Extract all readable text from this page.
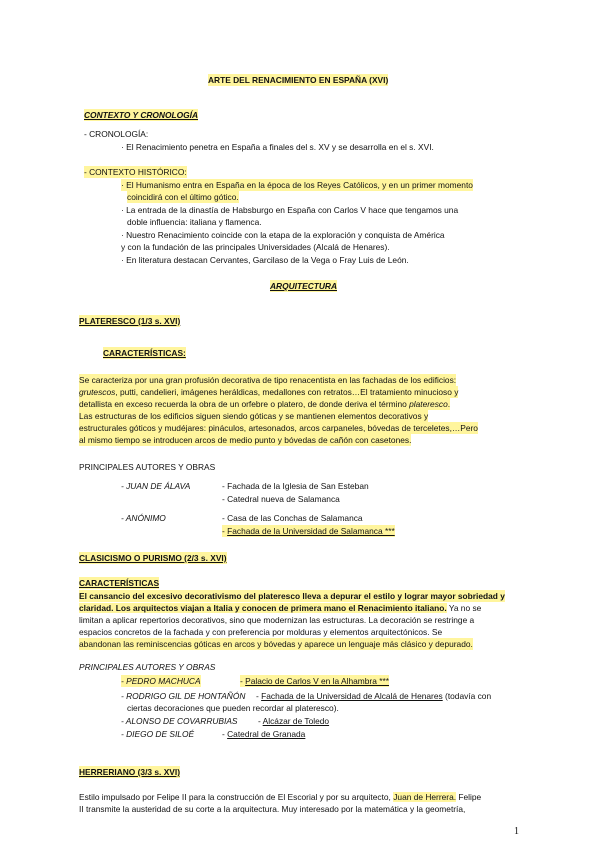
ARTE DEL RENACIMIENTO EN ESPAÑA (XVI)
CONTEXTO Y CRONOLOGÍA
- CRONOLOGÍA:
· El Renacimiento penetra en España a finales del s. XV y se desarrolla en el s. XVI.
- CONTEXTO HISTÓRICO:
· El Humanismo entra en España en la época de los Reyes Católicos, y en un primer momento
coincidirá con el último gótico.
· La entrada de la dinastía de Habsburgo en España con Carlos V hace que tengamos una
doble influencia: italiana y flamenca.
· Nuestro Renacimiento coincide con la etapa de la exploración y conquista de América
y con la fundación de las principales Universidades (Alcalá de Henares).
· En literatura destacan Cervantes, Garcilaso de la Vega o Fray Luis de León.
ARQUITECTURA
PLATERESCO (1/3 s. XVI)
CARACTERÍSTICAS:
Se caracteriza por una gran profusión decorativa de tipo renacentista en las fachadas de los edificios:
grutescos, putti, candelieri, imágenes heráldicas, medallones con retratos…El tratamiento minucioso y
detallista en exceso recuerda la obra de un orfebre o platero, de donde deriva el término plateresco.
Las estructuras de los edificios siguen siendo góticas y se mantienen elementos decorativos y
estructurales góticos y mudéjares: pináculos, artesonados, arcos carpaneles, bóvedas de terceletes,…Pero
al mismo tiempo se introducen arcos de medio punto y bóvedas de cañón con casetones.
PRINCIPALES AUTORES Y OBRAS
- JUAN DE ÁLAVA	- Fachada de la Iglesia de San Esteban
- Catedral nueva de Salamanca
- ANÓNIMO	- Casa de las Conchas de Salamanca
- Fachada de la Universidad de Salamanca ***
CLASICISMO O PURISMO (2/3 s. XVI)
CARACTERÍSTICAS
El cansancio del excesivo decorativismo del plateresco lleva a depurar el estilo y lograr mayor sobriedad y
claridad. Los arquitectos viajan a Italia y conocen de primera mano el Renacimiento italiano. Ya no se
limitan a aplicar repertorios decorativos, sino que modernizan las estructuras. La decoración se restringe a
espacios concretos de la fachada y con preferencia por molduras y elementos arquitectónicos. Se
abandonan las reminiscencias góticas en arcos y bóvedas y aparece un lenguaje más clásico y depurado.
PRINCIPALES AUTORES Y OBRAS
- PEDRO MACHUCA	- Palacio de Carlos V en la Alhambra ***
- RODRIGO GIL DE HONTAÑÓN - Fachada de la Universidad de Alcalá de Henares (todavía con
ciertas decoraciones que pueden recordar al plateresco).
- ALONSO DE COVARRUBIAS - Alcázar de Toledo
- DIEGO DE SILOÉ	- Catedral de Granada
HERRERIANO (3/3 s. XVI)
Estilo impulsado por Felipe II para la construcción de El Escorial y por su arquitecto, Juan de Herrera. Felipe
II transmite la austeridad de su corte a la arquitectura. Muy interesado por la matemática y la geometría,
1
